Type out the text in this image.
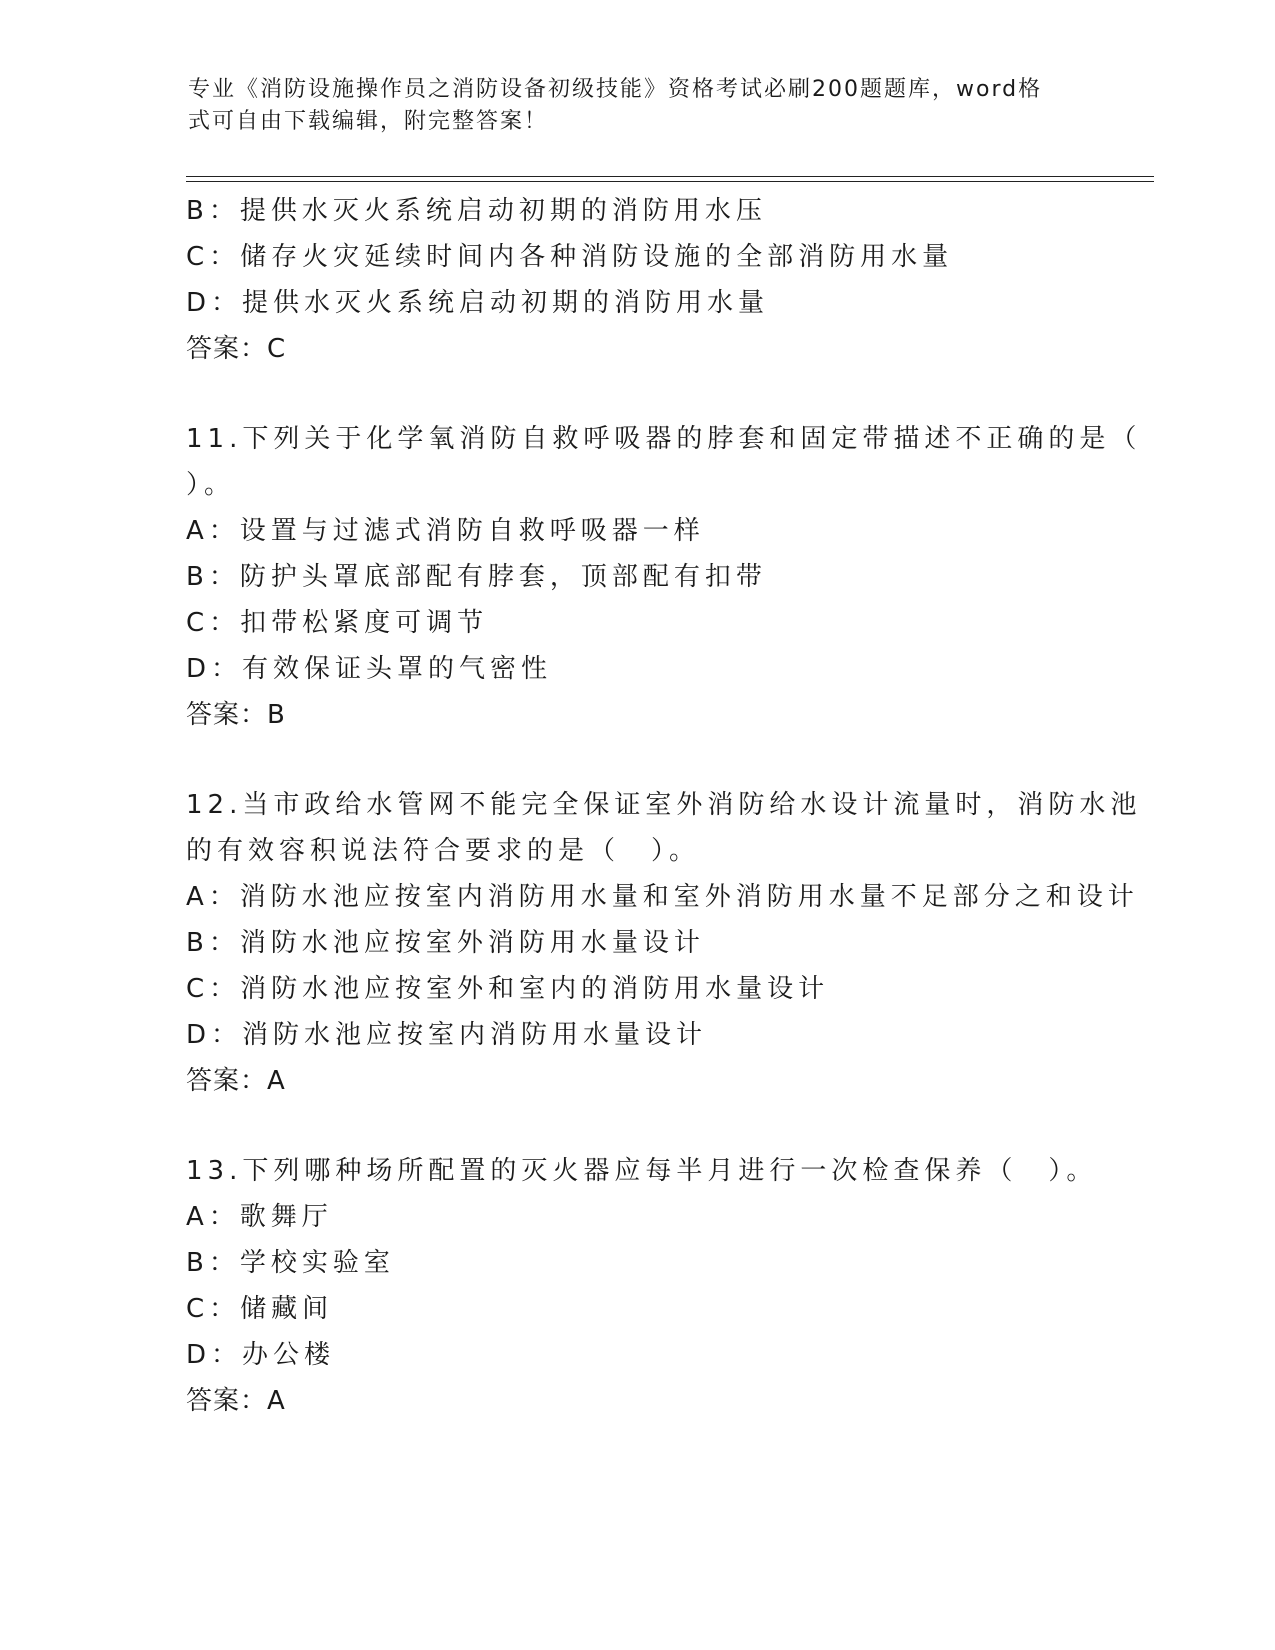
专业《消防设施操作员之消防设备初级技能》资格考试必刷200题题库，word格
式可自由下载编辑，附完整答案！
B：提供水灭火系统启动初期的消防用水压
C：储存火灾延续时间内各种消防设施的全部消防用水量
D：提供水灭火系统启动初期的消防用水量
答案：C
11.下列关于化学氧消防自救呼吸器的脖套和固定带描述不正确的是（
）。
A：设置与过滤式消防自救呼吸器一样
B：防护头罩底部配有脖套，顶部配有扣带
C：扣带松紧度可调节
D：有效保证头罩的气密性
答案：B
12.当市政给水管网不能完全保证室外消防给水设计流量时，消防水池
的有效容积说法符合要求的是（　）。
A：消防水池应按室内消防用水量和室外消防用水量不足部分之和设计
B：消防水池应按室外消防用水量设计
C：消防水池应按室外和室内的消防用水量设计
D：消防水池应按室内消防用水量设计
答案：A
13.下列哪种场所配置的灭火器应每半月进行一次检查保养（　）。
A：歌舞厅
B：学校实验室
C：储藏间
D：办公楼
答案：A
